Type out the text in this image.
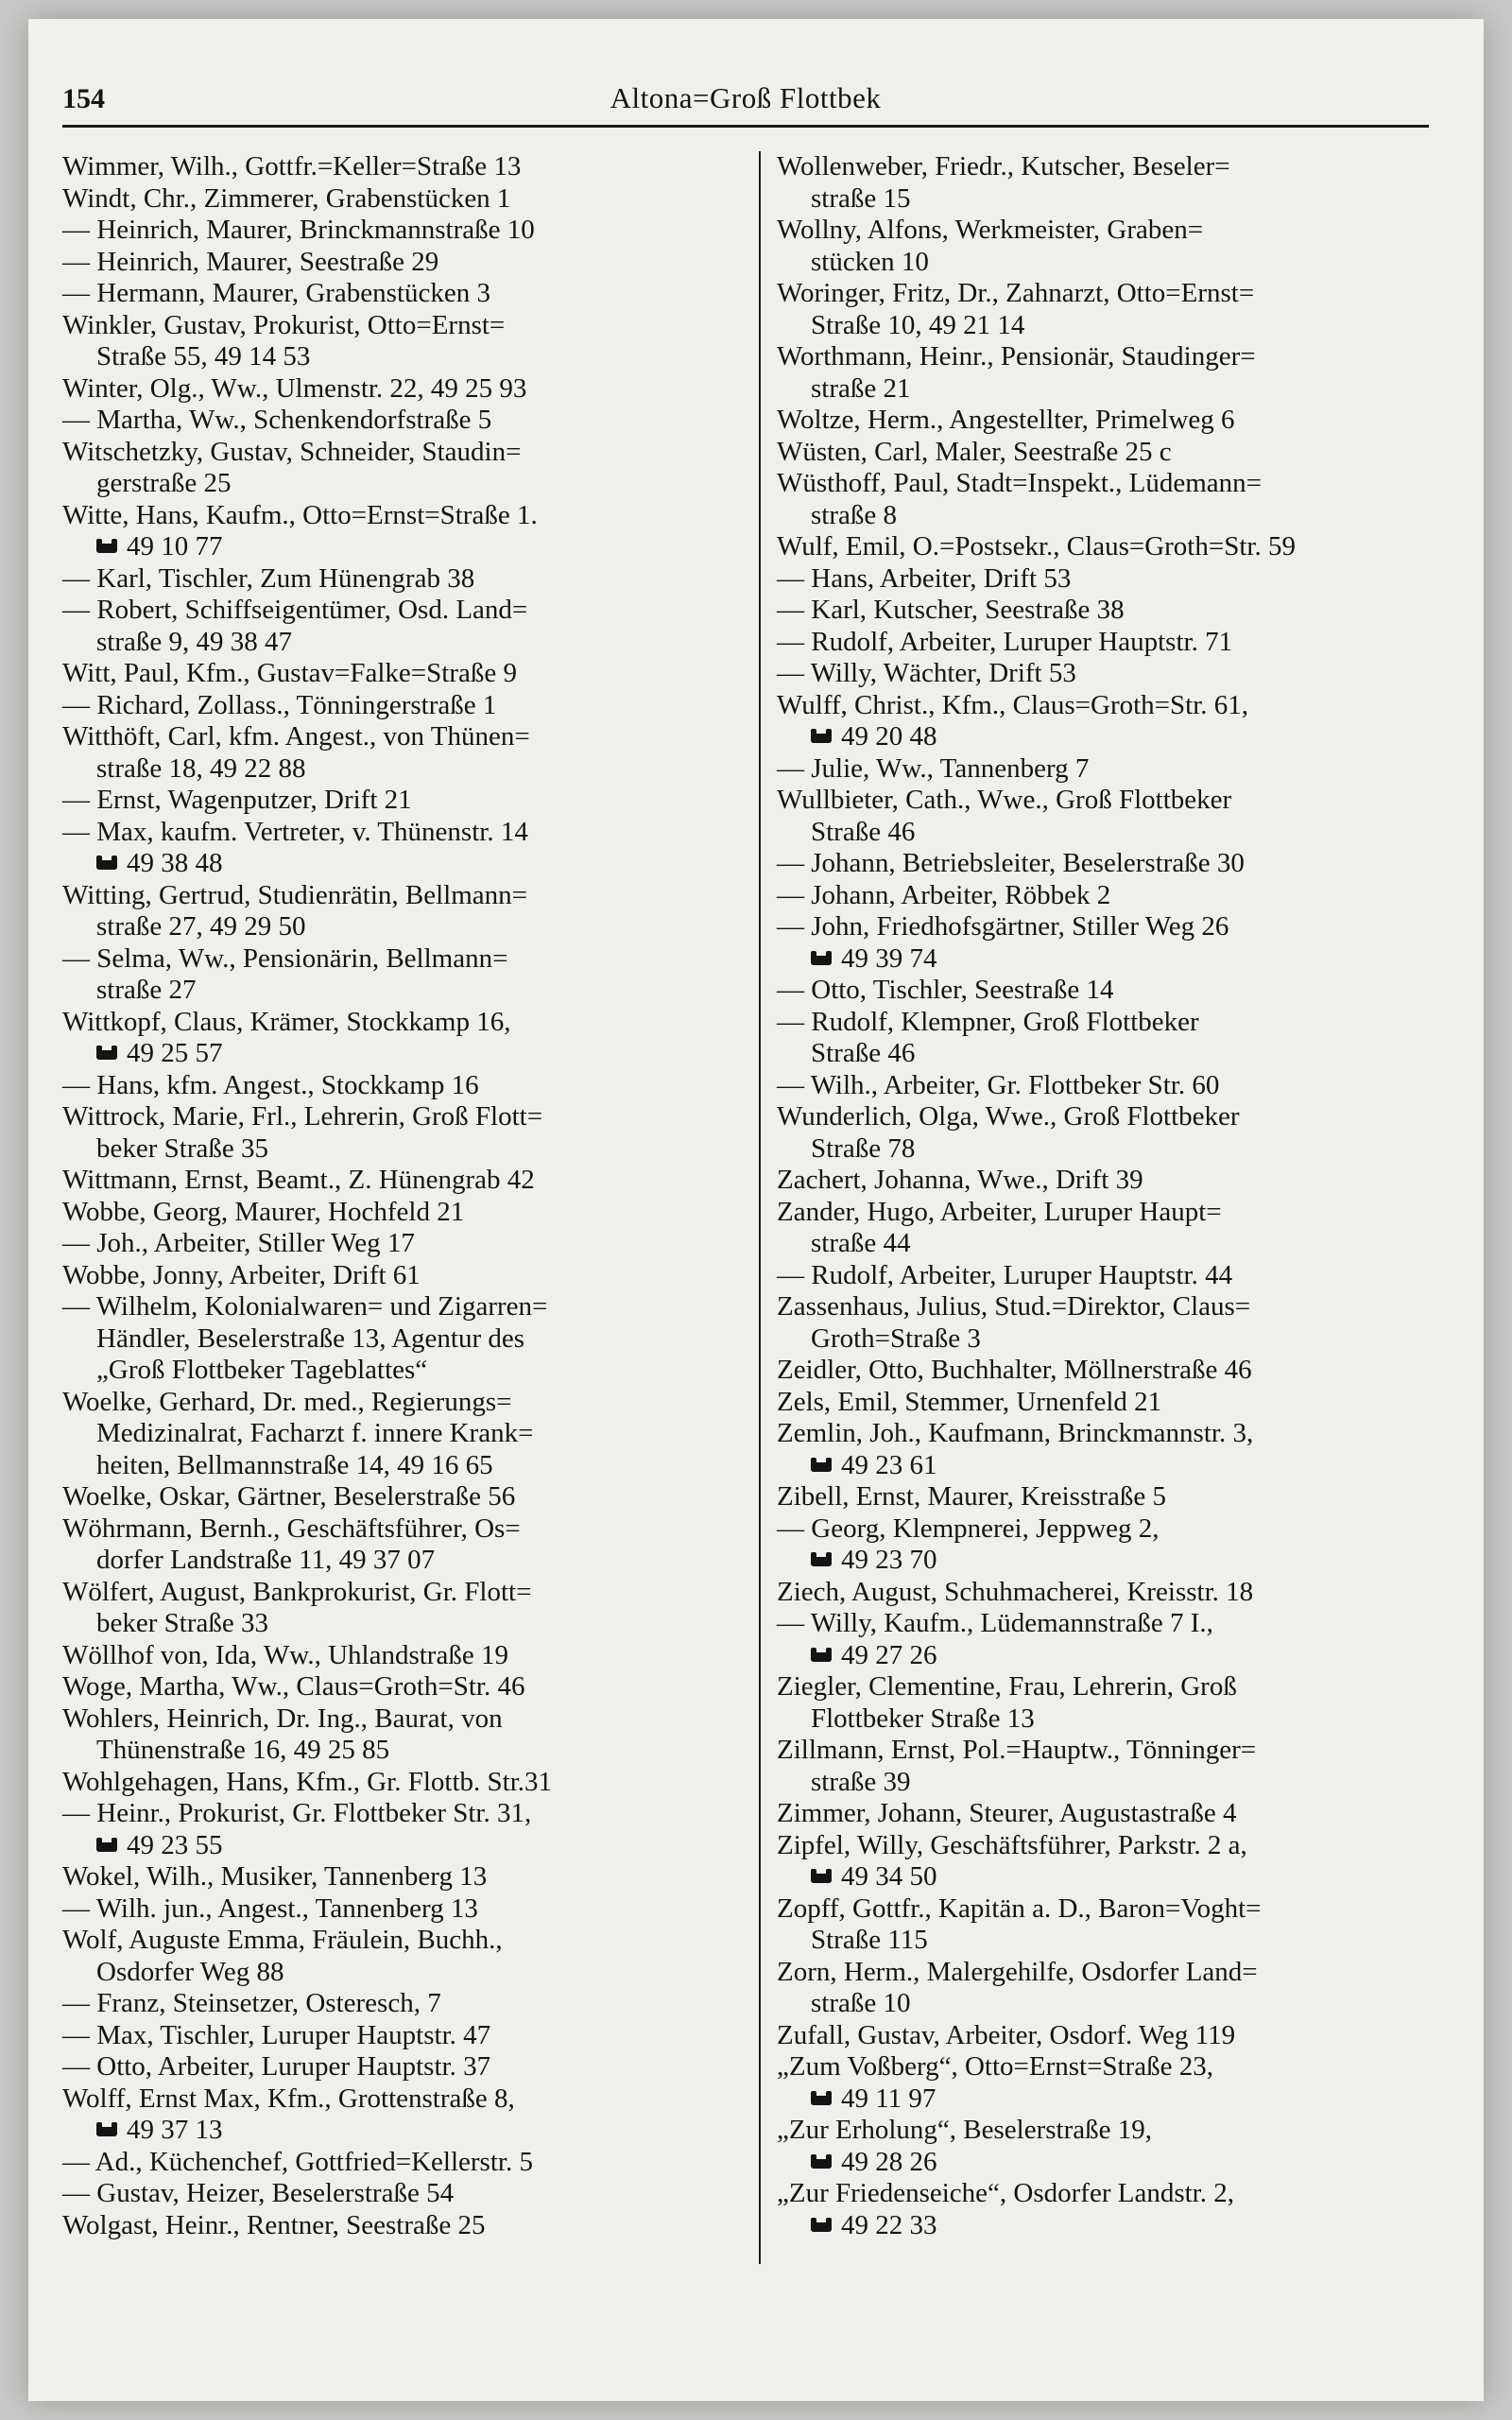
154	Altona=Groß Flottbek
Wimmer, Wilh., Gottfr.=Keller=Straße 13
Windt, Chr., Zimmerer, Grabenstücken 1
— Heinrich, Maurer, Brinckmannstraße 10
— Heinrich, Maurer, Seestraße 29
— Hermann, Maurer, Grabenstücken 3
Winkler, Gustav, Prokurist, Otto=Ernst=
Straße 55, 49 14 53
Winter, Olg., Ww., Ulmenstr. 22, 49 25 93
— Martha, Ww., Schenkendorfstraße 5
Witschetzky, Gustav, Schneider, Staudin=
gerstraße 25
Witte, Hans, Kaufm., Otto=Ernst=Straße 1.
49 10 77
— Karl, Tischler, Zum Hünengrab 38
— Robert, Schiffseigentümer, Osd. Land=
straße 9, 49 38 47
Witt, Paul, Kfm., Gustav=Falke=Straße 9
— Richard, Zollass., Tönningerstraße 1
Witthöft, Carl, kfm. Angest., von Thünen=
straße 18, 49 22 88
— Ernst, Wagenputzer, Drift 21
— Max, kaufm. Vertreter, v. Thünenstr. 14
49 38 48
Witting, Gertrud, Studienrätin, Bellmann=
straße 27, 49 29 50
— Selma, Ww., Pensionärin, Bellmann=
straße 27
Wittkopf, Claus, Krämer, Stockkamp 16,
49 25 57
— Hans, kfm. Angest., Stockkamp 16
Wittrock, Marie, Frl., Lehrerin, Groß Flott=
beker Straße 35
Wittmann, Ernst, Beamt., Z. Hünengrab 42
Wobbe, Georg, Maurer, Hochfeld 21
— Joh., Arbeiter, Stiller Weg 17
Wobbe, Jonny, Arbeiter, Drift 61
— Wilhelm, Kolonialwaren= und Zigarren=
Händler, Beselerstraße 13, Agentur des
„Groß Flottbeker Tageblattes“
Woelke, Gerhard, Dr. med., Regierungs=
Medizinalrat, Facharzt f. innere Krank=
heiten, Bellmannstraße 14, 49 16 65
Woelke, Oskar, Gärtner, Beselerstraße 56
Wöhrmann, Bernh., Geschäftsführer, Os=
dorfer Landstraße 11, 49 37 07
Wölfert, August, Bankprokurist, Gr. Flott=
beker Straße 33
Wöllhof von, Ida, Ww., Uhlandstraße 19
Woge, Martha, Ww., Claus=Groth=Str. 46
Wohlers, Heinrich, Dr. Ing., Baurat, von
Thünenstraße 16, 49 25 85
Wohlgehagen, Hans, Kfm., Gr. Flottb. Str.31
— Heinr., Prokurist, Gr. Flottbeker Str. 31,
49 23 55
Wokel, Wilh., Musiker, Tannenberg 13
— Wilh. jun., Angest., Tannenberg 13
Wolf, Auguste Emma, Fräulein, Buchh.,
Osdorfer Weg 88
— Franz, Steinsetzer, Osteresch, 7
— Max, Tischler, Luruper Hauptstr. 47
— Otto, Arbeiter, Luruper Hauptstr. 37
Wolff, Ernst Max, Kfm., Grottenstraße 8,
49 37 13
— Ad., Küchenchef, Gottfried=Kellerstr. 5
— Gustav, Heizer, Beselerstraße 54
Wolgast, Heinr., Rentner, Seestraße 25
Wollenweber, Friedr., Kutscher, Beseler=
straße 15
Wollny, Alfons, Werkmeister, Graben=
stücken 10
Woringer, Fritz, Dr., Zahnarzt, Otto=Ernst=
Straße 10, 49 21 14
Worthmann, Heinr., Pensionär, Staudinger=
straße 21
Woltze, Herm., Angestellter, Primelweg 6
Wüsten, Carl, Maler, Seestraße 25 c
Wüsthoff, Paul, Stadt=Inspekt., Lüdemann=
straße 8
Wulf, Emil, O.=Postsekr., Claus=Groth=Str. 59
— Hans, Arbeiter, Drift 53
— Karl, Kutscher, Seestraße 38
— Rudolf, Arbeiter, Luruper Hauptstr. 71
— Willy, Wächter, Drift 53
Wulff, Christ., Kfm., Claus=Groth=Str. 61,
49 20 48
— Julie, Ww., Tannenberg 7
Wullbieter, Cath., Wwe., Groß Flottbeker
Straße 46
— Johann, Betriebsleiter, Beselerstraße 30
— Johann, Arbeiter, Röbbek 2
— John, Friedhofsgärtner, Stiller Weg 26
49 39 74
— Otto, Tischler, Seestraße 14
— Rudolf, Klempner, Groß Flottbeker
Straße 46
— Wilh., Arbeiter, Gr. Flottbeker Str. 60
Wunderlich, Olga, Wwe., Groß Flottbeker
Straße 78
Zachert, Johanna, Wwe., Drift 39
Zander, Hugo, Arbeiter, Luruper Haupt=
straße 44
— Rudolf, Arbeiter, Luruper Hauptstr. 44
Zassenhaus, Julius, Stud.=Direktor, Claus=
Groth=Straße 3
Zeidler, Otto, Buchhalter, Möllnerstraße 46
Zels, Emil, Stemmer, Urnenfeld 21
Zemlin, Joh., Kaufmann, Brinckmannstr. 3,
49 23 61
Zibell, Ernst, Maurer, Kreisstraße 5
— Georg, Klempnerei, Jeppweg 2,
49 23 70
Ziech, August, Schuhmacherei, Kreisstr. 18
— Willy, Kaufm., Lüdemannstraße 7 I.,
49 27 26
Ziegler, Clementine, Frau, Lehrerin, Groß
Flottbeker Straße 13
Zillmann, Ernst, Pol.=Hauptw., Tönninger=
straße 39
Zimmer, Johann, Steurer, Augustastraße 4
Zipfel, Willy, Geschäftsführer, Parkstr. 2 a,
49 34 50
Zopff, Gottfr., Kapitän a. D., Baron=Voght=
Straße 115
Zorn, Herm., Malergehilfe, Osdorfer Land=
straße 10
Zufall, Gustav, Arbeiter, Osdorf. Weg 119
„Zum Voßberg“, Otto=Ernst=Straße 23,
49 11 97
„Zur Erholung“, Beselerstraße 19,
49 28 26
„Zur Friedenseiche“, Osdorfer Landstr. 2,
49 22 33
